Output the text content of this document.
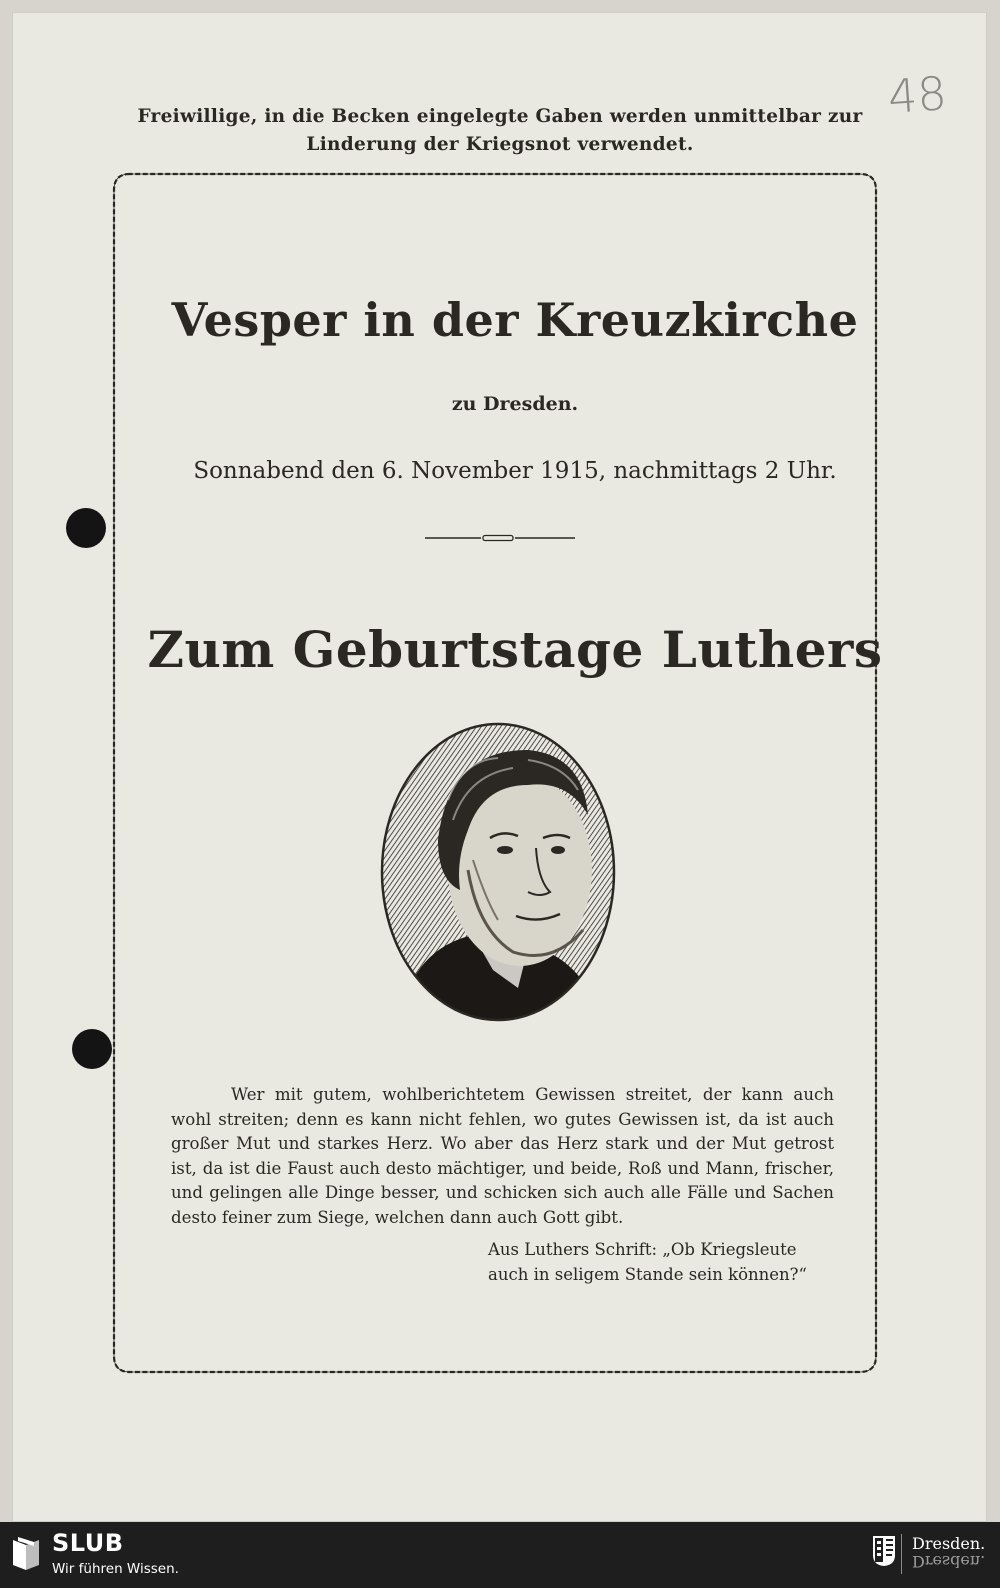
48
Freiwillige, in die Becken eingelegte Gaben werden unmittelbar zur Linderung der Kriegsnot verwendet.
Vesper in der Kreuzkirche
zu Dresden.
Sonnabend den 6. November 1915, nachmittags 2 Uhr.
Zum Geburtstage Luthers
Wer mit gutem, wohlberichtetem Gewissen streitet, der kann auch wohl streiten; denn es kann nicht fehlen, wo gutes Gewissen ist, da ist auch großer Mut und starkes Herz. Wo aber das Herz stark und der Mut getrost ist, da ist die Faust auch desto mächtiger, und beide, Roß und Mann, frischer, und gelingen alle Dinge besser, und schicken sich auch alle Fälle und Sachen desto feiner zum Siege, welchen dann auch Gott gibt.
Aus Luthers Schrift: „Ob Kriegsleute
auch in seligem Stande sein können?“
SLUB
Wir führen Wissen.
Dresden.
Dresden.
